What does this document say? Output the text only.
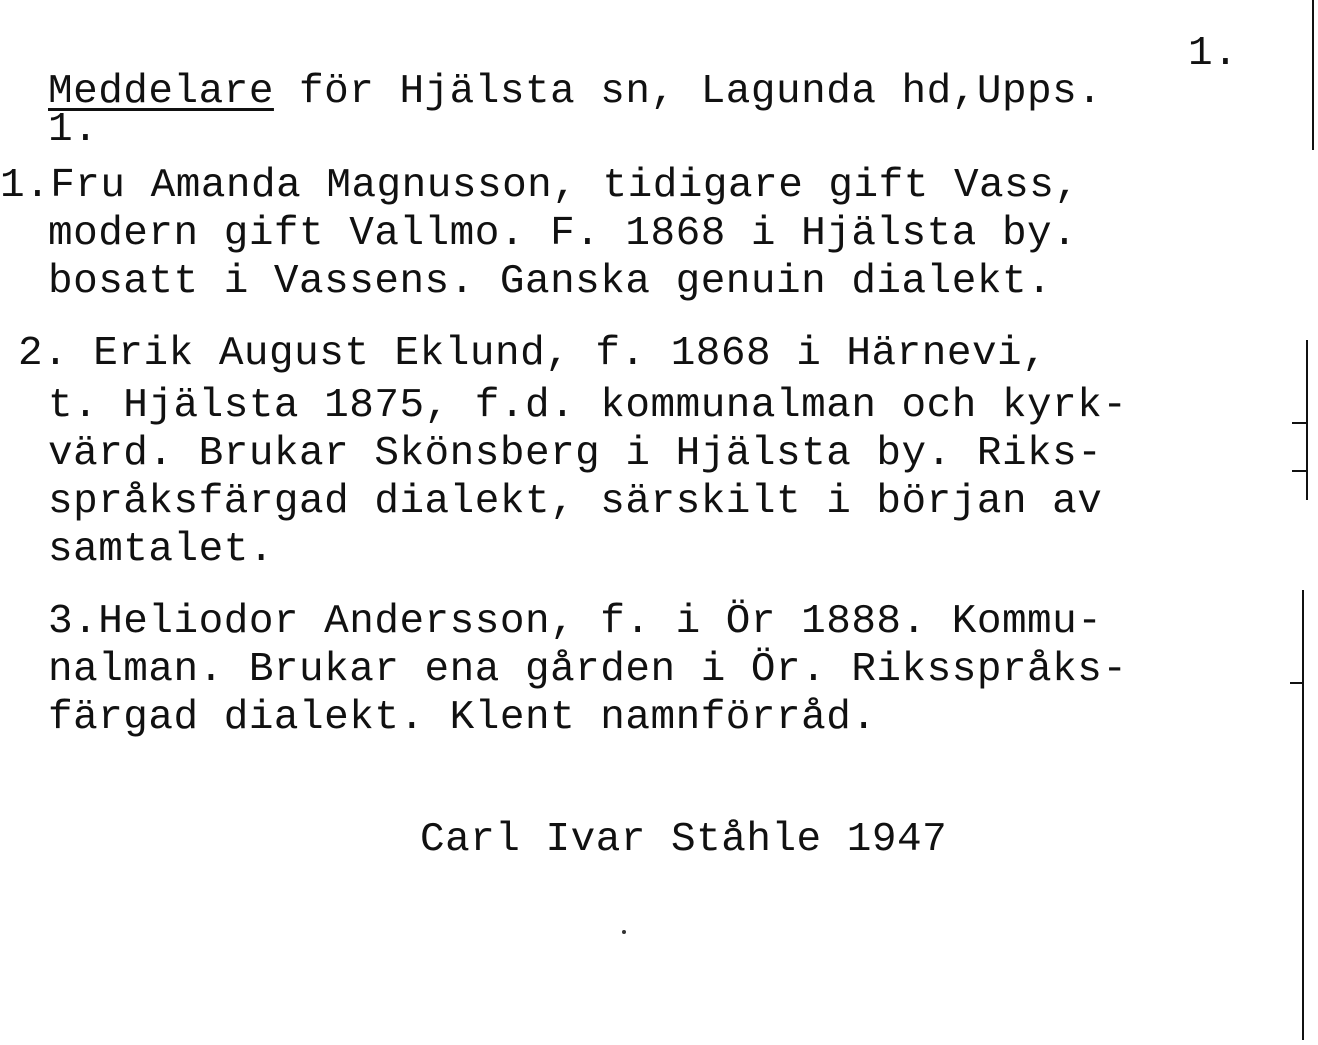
1.
Meddelare för Hjälsta sn, Lagunda hd,Upps.
1.
1.Fru Amanda Magnusson, tidigare gift Vass,
modern gift Vallmo. F. 1868 i Hjälsta by.
bosatt i Vassens. Ganska genuin dialekt.
2. Erik August Eklund, f. 1868 i Härnevi,
t. Hjälsta 1875, f.d. kommunalman och kyrk-
värd. Brukar Skönsberg i Hjälsta by. Riks-
språksfärgad dialekt, särskilt i början av
samtalet.
3.Heliodor Andersson, f. i Ör 1888. Kommu-
nalman. Brukar ena gården i Ör. Riksspråks-
färgad dialekt. Klent namnförråd.
Carl Ivar Ståhle 1947
